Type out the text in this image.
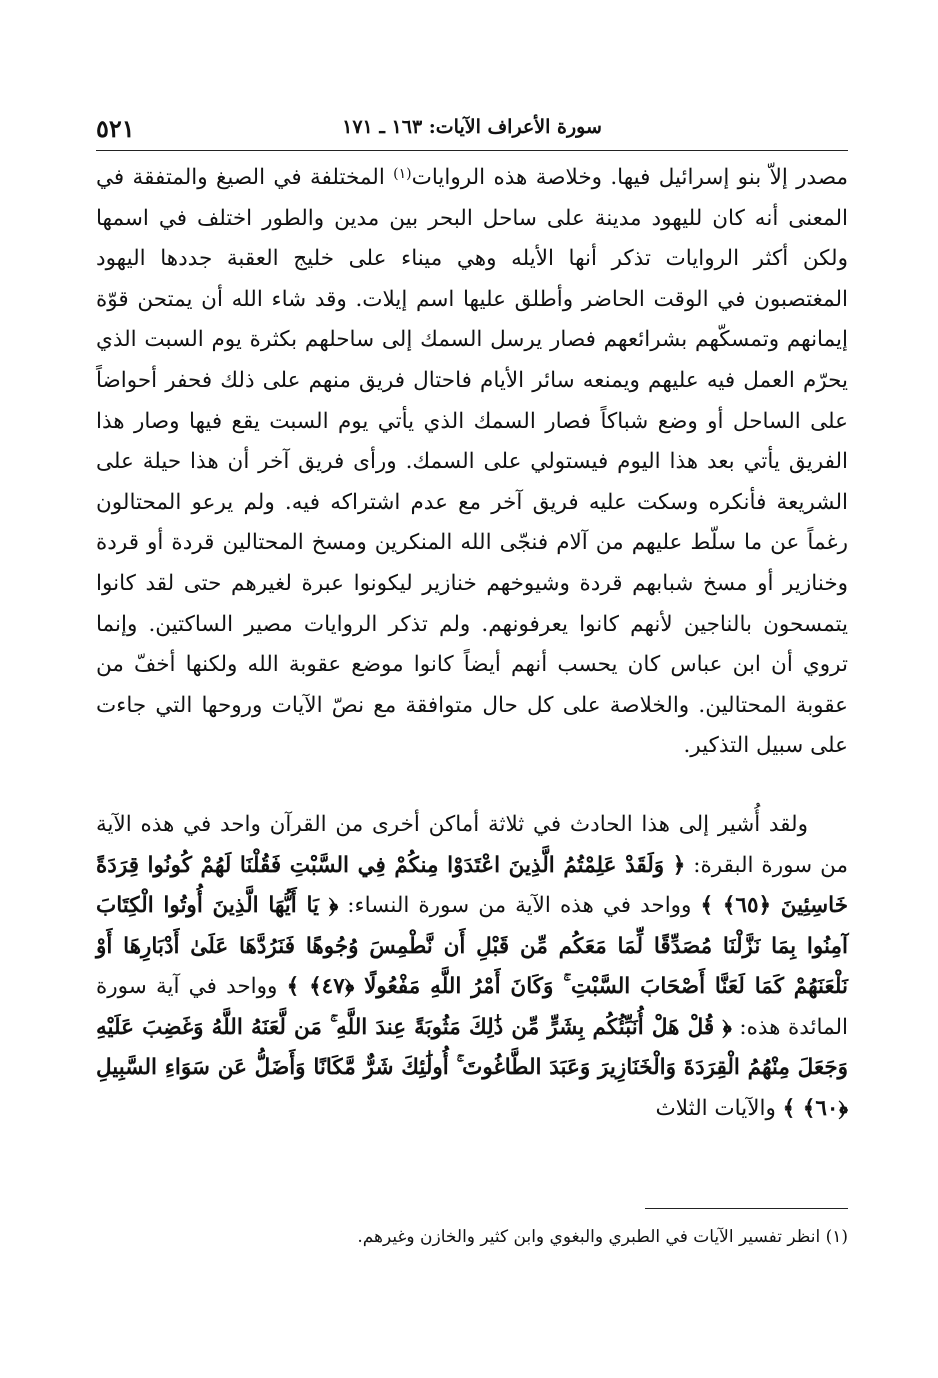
٥٢١	سورة الأعراف الآيات: ١٦٣ ـ ١٧١

مصدر إلاّ بنو إسرائيل فيها. وخلاصة هذه الروايات$^{(١)}$ المختلفة في الصيغ والمتفقة في المعنى أنه كان لليهود مدينة على ساحل البحر بين مدين والطور اختلف في اسمها ولكن أكثر الروايات تذكر أنها الأيله وهي ميناء على خليج العقبة جددها اليهود المغتصبون في الوقت الحاضر وأطلق عليها اسم إيلات. وقد شاء الله أن يمتحن قوّة إيمانهم وتمسكّهم بشرائعهم فصار يرسل السمك إلى ساحلهم بكثرة يوم السبت الذي يحرّم العمل فيه عليهم ويمنعه سائر الأيام فاحتال فريق منهم على ذلك فحفر أحواضاً على الساحل أو وضع شباكاً فصار السمك الذي يأتي يوم السبت يقع فيها وصار هذا الفريق يأتي بعد هذا اليوم فيستولي على السمك. ورأى فريق آخر أن هذا حيلة على الشريعة فأنكره وسكت عليه فريق آخر مع عدم اشتراكه فيه. ولم يرعو المحتالون رغماً عن ما سلّط عليهم من آلام فنجّى الله المنكرين ومسخ المحتالين قردة أو قردة وخنازير أو مسخ شبابهم قردة وشيوخهم خنازير ليكونوا عبرة لغيرهم حتى لقد كانوا يتمسحون بالناجين لأنهم كانوا يعرفونهم. ولم تذكر الروايات مصير الساكتين. وإنما تروي أن ابن عباس كان يحسب أنهم أيضاً كانوا موضع عقوبة الله ولكنها أخفّ من عقوبة المحتالين. والخلاصة على كل حال متوافقة مع نصّ الآيات وروحها التي جاءت على سبيل التذكير.

ولقد أُشير إلى هذا الحادث في ثلاثة أماكن أخرى من القرآن واحد في هذه الآية من سورة البقرة: ﴿ وَلَقَدْ عَلِمْتُمُ الَّذِينَ اعْتَدَوْا مِنكُمْ فِي السَّبْتِ فَقُلْنَا لَهُمْ كُونُوا قِرَدَةً خَاسِئِينَ ﴿٦٥﴾ ﴾ وواحد في هذه الآية من سورة النساء: ﴿ يَا أَيُّهَا الَّذِينَ أُوتُوا الْكِتَابَ آمِنُوا بِمَا نَزَّلْنَا مُصَدِّقًا لِّمَا مَعَكُم مِّن قَبْلِ أَن نَّطْمِسَ وُجُوهًا فَنَرُدَّهَا عَلَىٰ أَدْبَارِهَا أَوْ نَلْعَنَهُمْ كَمَا لَعَنَّا أَصْحَابَ السَّبْتِ ۚ وَكَانَ أَمْرُ اللَّهِ مَفْعُولًا ﴿٤٧﴾ ﴾ وواحد في آية سورة المائدة هذه: ﴿ قُلْ هَلْ أُنَبِّئُكُم بِشَرٍّ مِّن ذَٰلِكَ مَثُوبَةً عِندَ اللَّهِ ۚ مَن لَّعَنَهُ اللَّهُ وَغَضِبَ عَلَيْهِ وَجَعَلَ مِنْهُمُ الْقِرَدَةَ وَالْخَنَازِيرَ وَعَبَدَ الطَّاغُوتَ ۚ أُولَٰئِكَ شَرٌّ مَّكَانًا وَأَضَلُّ عَن سَوَاءِ السَّبِيلِ ﴿٦٠﴾ ﴾ والآيات الثلاث

(١) انظر تفسير الآيات في الطبري والبغوي وابن كثير والخازن وغيرهم.
